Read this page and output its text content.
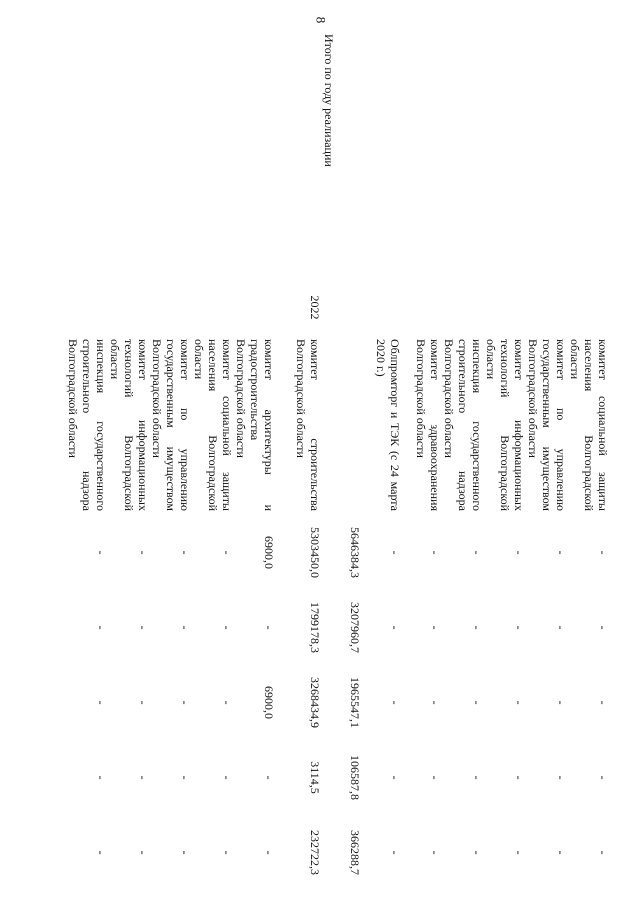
8
		комитет социальной защиты населения Волгоградской области	-	-	-	-	-
		комитет по управлению государственным имуществом Волгоградской области	-	-	-	-	-
		комитет информационных технологий Волгоградской области	-	-	-	-	-
		инспекция государственного строительного надзора Волгоградской области	-	-	-	-	-
		комитет здравоохранения Волгоградской области	-	-	-	-	-
		Облпромторг и ТЭК (с 24 марта 2020 г.)	-	-	-	-	-
Итого по году реализации			5646384,3	3207960,7	1965547,1	106587,8	366288,7
	2022	комитет строительства Волгоградской области	5303450,0	1799178,3	3268434,9	3114,5	232722,3
		комитет архитектуры и градостроительства Волгоградской области	6900,0	-	6900,0	-	-
		комитет социальной защиты населения Волгоградской области	-	-	-	-	-
		комитет по управлению государственным имуществом Волгоградской области	-	-	-	-	-
		комитет информационных технологий Волгоградской области	-	-	-	-	-
		инспекция государственного строительного надзора Волгоградской области	-	-	-	-	-
